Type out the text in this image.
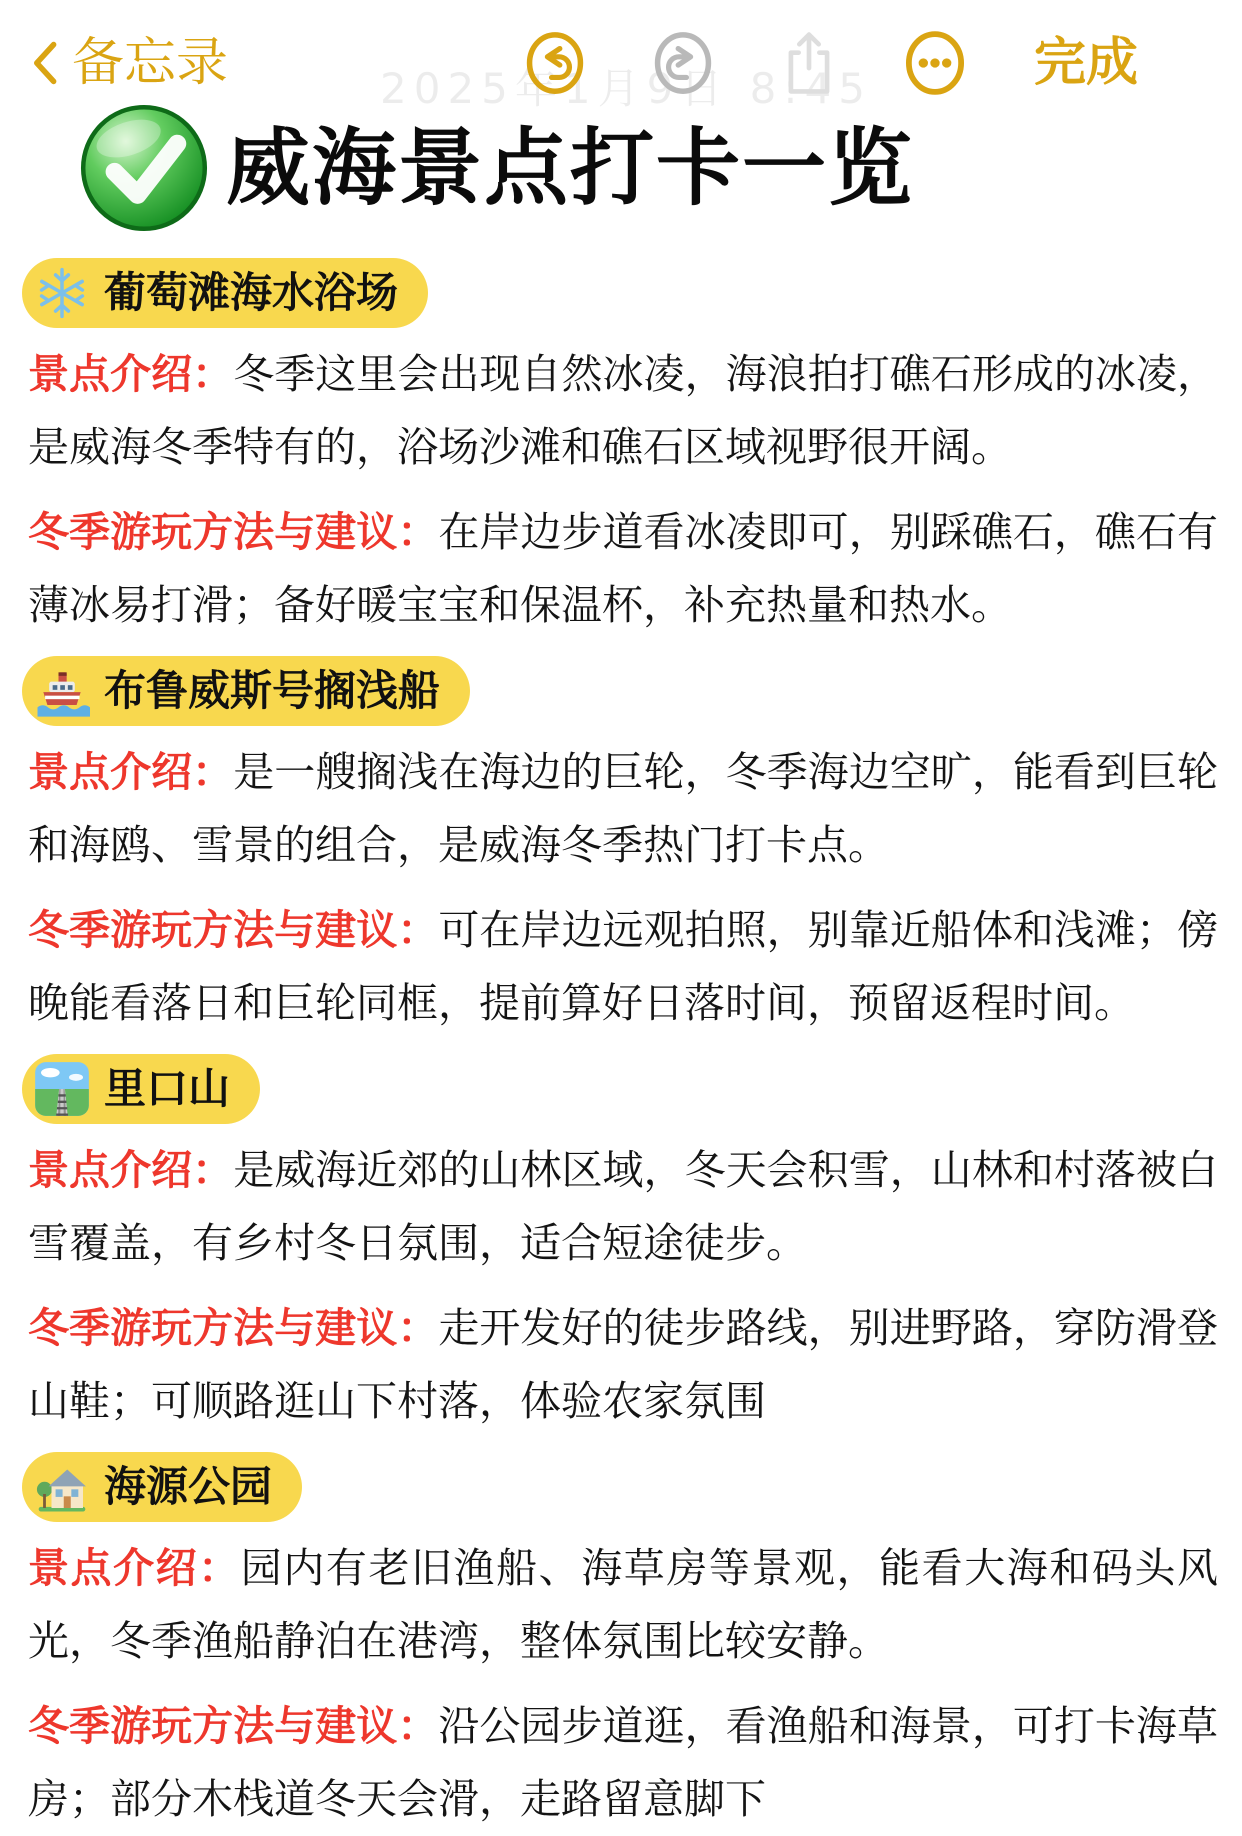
备忘录	2025年1月9日 8:45	完成
威海景点打卡一览
葡萄滩海水浴场

景点介绍：冬季这里会出现自然冰凌，海浪拍打礁石形成的冰凌，是威海冬季特有的，浴场沙滩和礁石区域视野很开阔。

冬季游玩方法与建议：在岸边步道看冰凌即可，别踩礁石，礁石有薄冰易打滑；备好暖宝宝和保温杯，补充热量和热水。

布鲁威斯号搁浅船

景点介绍：是一艘搁浅在海边的巨轮，冬季海边空旷，能看到巨轮和海鸥、雪景的组合，是威海冬季热门打卡点。

冬季游玩方法与建议：可在岸边远观拍照，别靠近船体和浅滩；傍晚能看落日和巨轮同框，提前算好日落时间，预留返程时间。

里口山

景点介绍：是威海近郊的山林区域，冬天会积雪，山林和村落被白雪覆盖，有乡村冬日氛围，适合短途徒步。

冬季游玩方法与建议：走开发好的徒步路线，别进野路，穿防滑登山鞋；可顺路逛山下村落，体验农家氛围

海源公园

景点介绍：园内有老旧渔船、海草房等景观，能看大海和码头风光，冬季渔船静泊在港湾，整体氛围比较安静。

冬季游玩方法与建议：沿公园步道逛，看渔船和海景，可打卡海草房；部分木栈道冬天会滑，走路留意脚下
